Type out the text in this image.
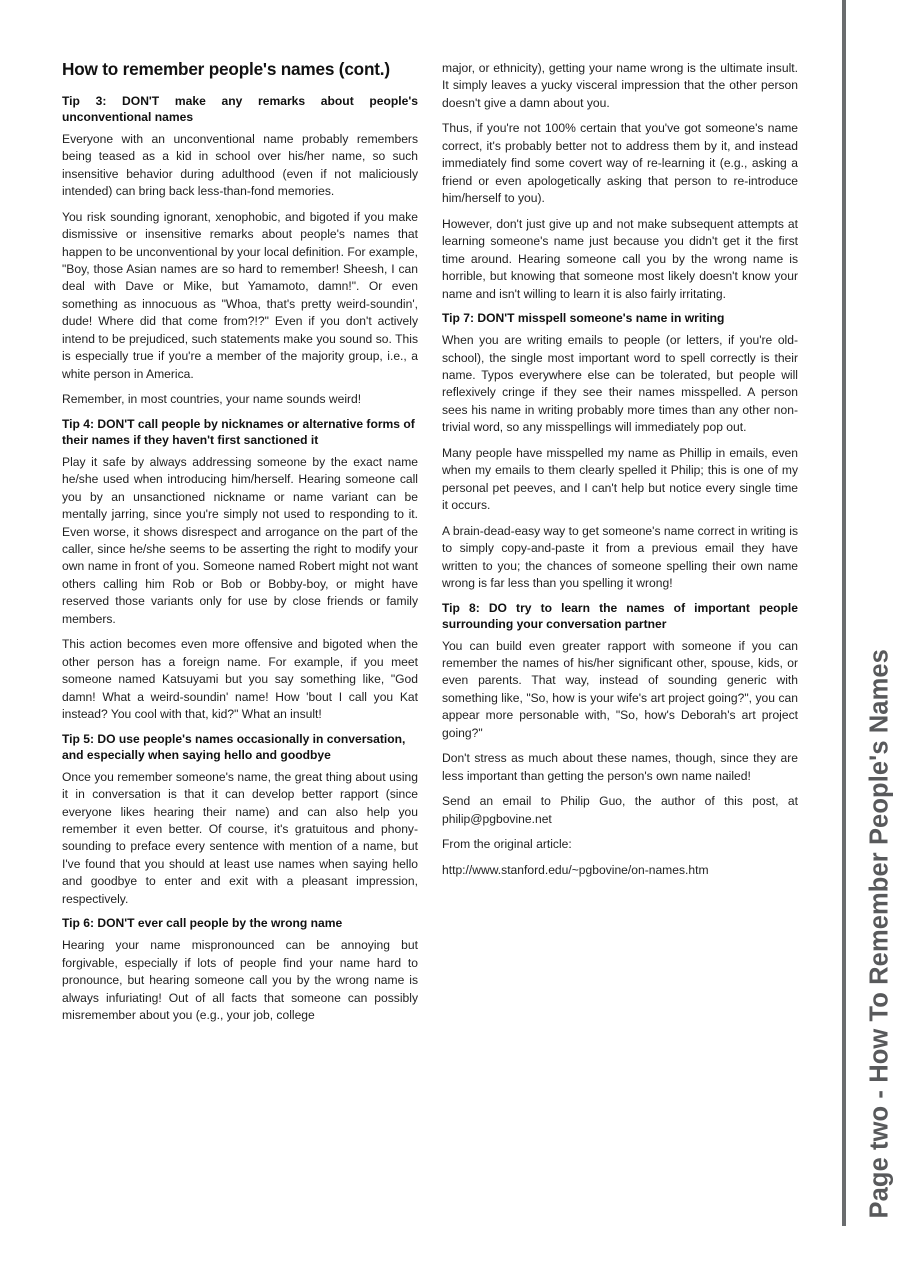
How to remember people's names (cont.)
Tip 3: DON'T make any remarks about people's unconventional names

Everyone with an unconventional name probably remembers being teased as a kid in school over his/her name, so such insensitive behavior during adulthood (even if not maliciously intended) can bring back less-than-fond memories.

You risk sounding ignorant, xenophobic, and bigoted if you make dismissive or insensitive remarks about people's names that happen to be unconventional by your local definition. For example, "Boy, those Asian names are so hard to remember! Sheesh, I can deal with Dave or Mike, but Yamamoto, damn!". Or even something as innocuous as "Whoa, that's pretty weird-soundin', dude! Where did that come from?!?" Even if you don't actively intend to be prejudiced, such statements make you sound so. This is especially true if you're a member of the majority group, i.e., a white person in America.

Remember, in most countries, your name sounds weird!

Tip 4: DON'T call people by nicknames or alternative forms of their names if they haven't first sanctioned it

Play it safe by always addressing someone by the exact name he/she used when introducing him/herself. Hearing someone call you by an unsanctioned nickname or name variant can be mentally jarring, since you're simply not used to responding to it. Even worse, it shows disrespect and arrogance on the part of the caller, since he/she seems to be asserting the right to modify your own name in front of you. Someone named Robert might not want others calling him Rob or Bob or Bobby-boy, or might have reserved those variants only for use by close friends or family members.

This action becomes even more offensive and bigoted when the other person has a foreign name. For example, if you meet someone named Katsuyami but you say something like, "God damn! What a weird-soundin' name! How 'bout I call you Kat instead? You cool with that, kid?" What an insult!

Tip 5: DO use people's names occasionally in conversation, and especially when saying hello and goodbye

Once you remember someone's name, the great thing about using it in conversation is that it can develop better rapport (since everyone likes hearing their name) and can also help you remember it even better. Of course, it's gratuitous and phony-sounding to preface every sentence with mention of a name, but I've found that you should at least use names when saying hello and goodbye to enter and exit with a pleasant impression, respectively.

Tip 6: DON'T ever call people by the wrong name

Hearing your name mispronounced can be annoying but forgivable, especially if lots of people find your name hard to pronounce, but hearing someone call you by the wrong name is always infuriating! Out of all facts that someone can possibly misremember about you (e.g., your job, college

major, or ethnicity), getting your name wrong is the ultimate insult. It simply leaves a yucky visceral impression that the other person doesn't give a damn about you.

Thus, if you're not 100% certain that you've got someone's name correct, it's probably better not to address them by it, and instead immediately find some covert way of re-learning it (e.g., asking a friend or even apologetically asking that person to re-introduce him/herself to you).

However, don't just give up and not make subsequent attempts at learning someone's name just because you didn't get it the first time around. Hearing someone call you by the wrong name is horrible, but knowing that someone most likely doesn't know your name and isn't willing to learn it is also fairly irritating.

Tip 7: DON'T misspell someone's name in writing

When you are writing emails to people (or letters, if you're old-school), the single most important word to spell correctly is their name. Typos everywhere else can be tolerated, but people will reflexively cringe if they see their names misspelled. A person sees his name in writing probably more times than any other non-trivial word, so any misspellings will immediately pop out.

Many people have misspelled my name as Phillip in emails, even when my emails to them clearly spelled it Philip; this is one of my personal pet peeves, and I can't help but notice every single time it occurs.

A brain-dead-easy way to get someone's name correct in writing is to simply copy-and-paste it from a previous email they have written to you; the chances of someone spelling their own name wrong is far less than you spelling it wrong!

Tip 8: DO try to learn the names of important people surrounding your conversation partner

You can build even greater rapport with someone if you can remember the names of his/her significant other, spouse, kids, or even parents. That way, instead of sounding generic with something like, "So, how is your wife's art project going?", you can appear more personable with, "So, how's Deborah's art project going?"

Don't stress as much about these names, though, since they are less important than getting the person's own name nailed!

Send an email to Philip Guo, the author of this post, at philip@pgbovine.net

From the original article:

http://www.stanford.edu/~pgbovine/on-names.htm	Page two - How To Remember People's Names
